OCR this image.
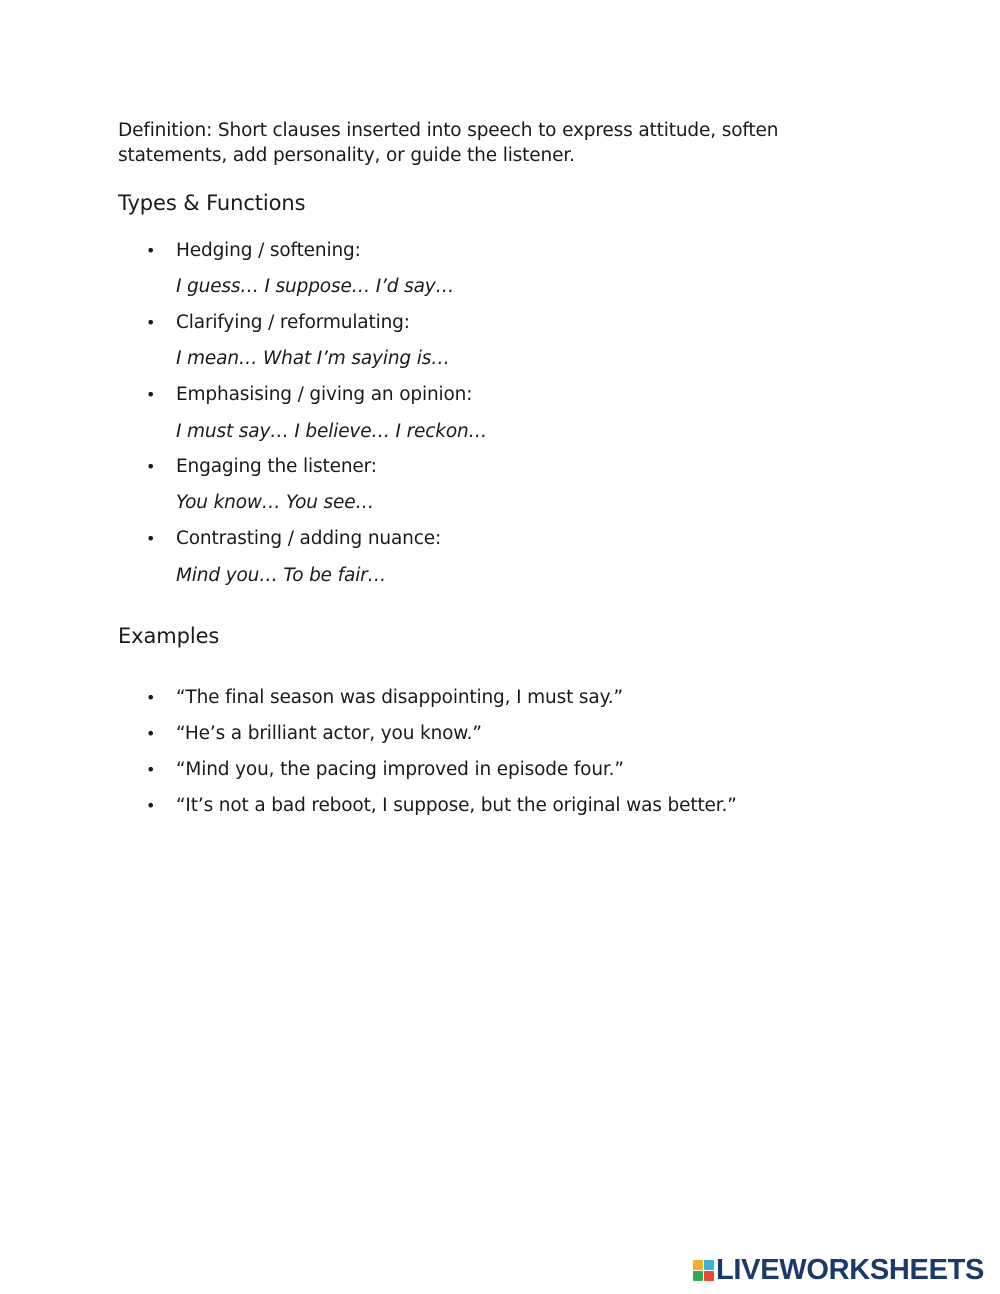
Definition: Short clauses inserted into speech to express attitude, soften statements, add personality, or guide the listener.
Types & Functions
• Hedging / softening:
I guess… I suppose… I’d say…
• Clarifying / reformulating:
I mean… What I’m saying is…
• Emphasising / giving an opinion:
I must say… I believe… I reckon…
• Engaging the listener:
You know… You see…
• Contrasting / adding nuance:
Mind you… To be fair…
Examples
• “The final season was disappointing, I must say.”
• “He’s a brilliant actor, you know.”
• “Mind you, the pacing improved in episode four.”
• “It’s not a bad reboot, I suppose, but the original was better.”
LIVEWORKSHEETS
